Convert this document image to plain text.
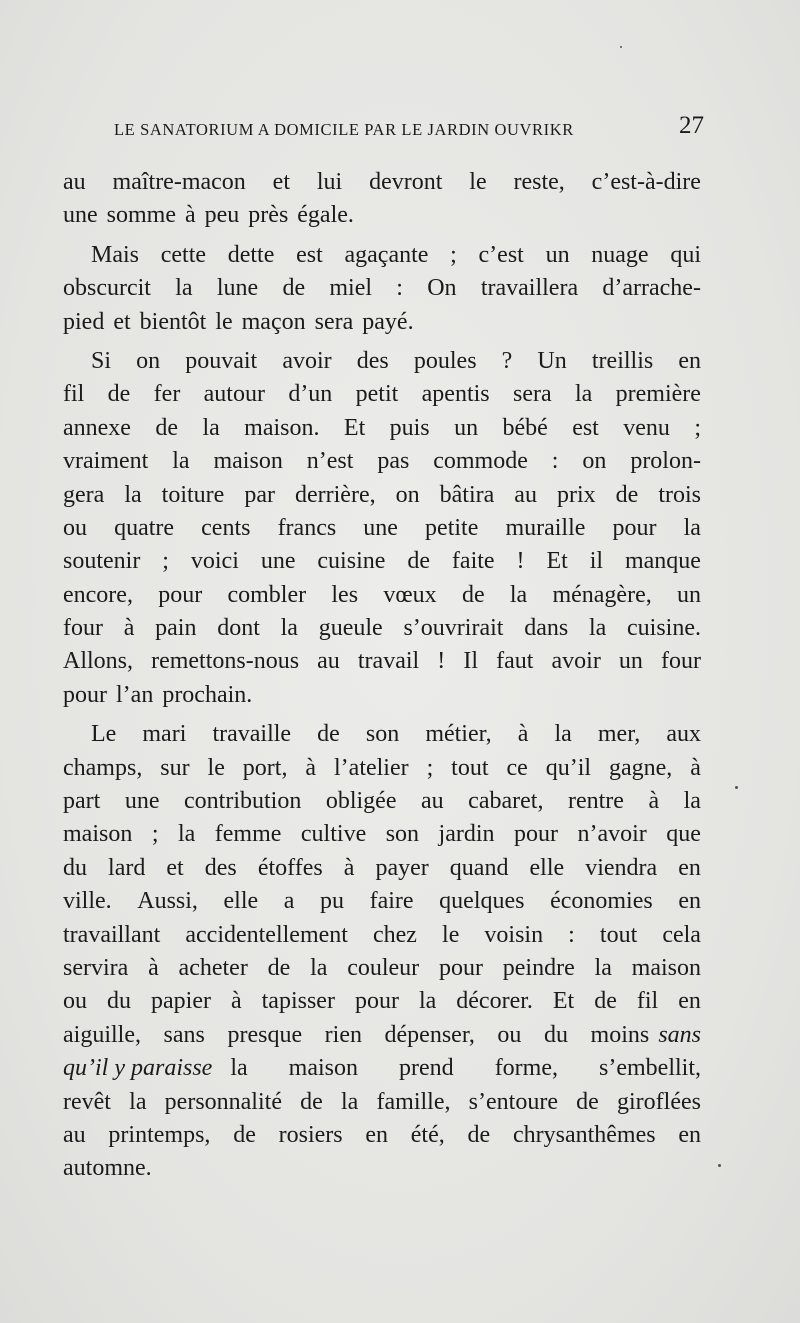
LE SANATORIUM A DOMICILE PAR LE JARDIN OUVRIKR	27
au maître-macon et lui devront le reste, c’est-à-dire
une somme à peu près égale.
Mais cette dette est agaçante ; c’est un nuage qui
obscurcit la lune de miel : On travaillera d’arrache-
pied et bientôt le maçon sera payé.
Si on pouvait avoir des poules ? Un treillis en
fil de fer autour d’un petit apentis sera la première
annexe de la maison. Et puis un bébé est venu ;
vraiment la maison n’est pas commode : on prolon-
gera la toiture par derrière, on bâtira au prix de trois
ou quatre cents francs une petite muraille pour la
soutenir ; voici une cuisine de faite ! Et il manque
encore, pour combler les vœux de la ménagère, un
four à pain dont la gueule s’ouvrirait dans la cuisine.
Allons, remettons-nous au travail ! Il faut avoir un four
pour l’an prochain.
Le mari travaille de son métier, à la mer, aux
champs, sur le port, à l’atelier ; tout ce qu’il gagne, à
part une contribution obligée au cabaret, rentre à la
maison ; la femme cultive son jardin pour n’avoir que
du lard et des étoffes à payer quand elle viendra en
ville. Aussi, elle a pu faire quelques économies en
travaillant accidentellement chez le voisin : tout cela
servira à acheter de la couleur pour peindre la maison
ou du papier à tapisser pour la décorer. Et de fil en
aiguille, sans presque rien dépenser, ou du moins sans
qu’il y paraisse la maison prend forme, s’embellit,
revêt la personnalité de la famille, s’entoure de giroflées
au printemps, de rosiers en été, de chrysanthêmes en
automne.
